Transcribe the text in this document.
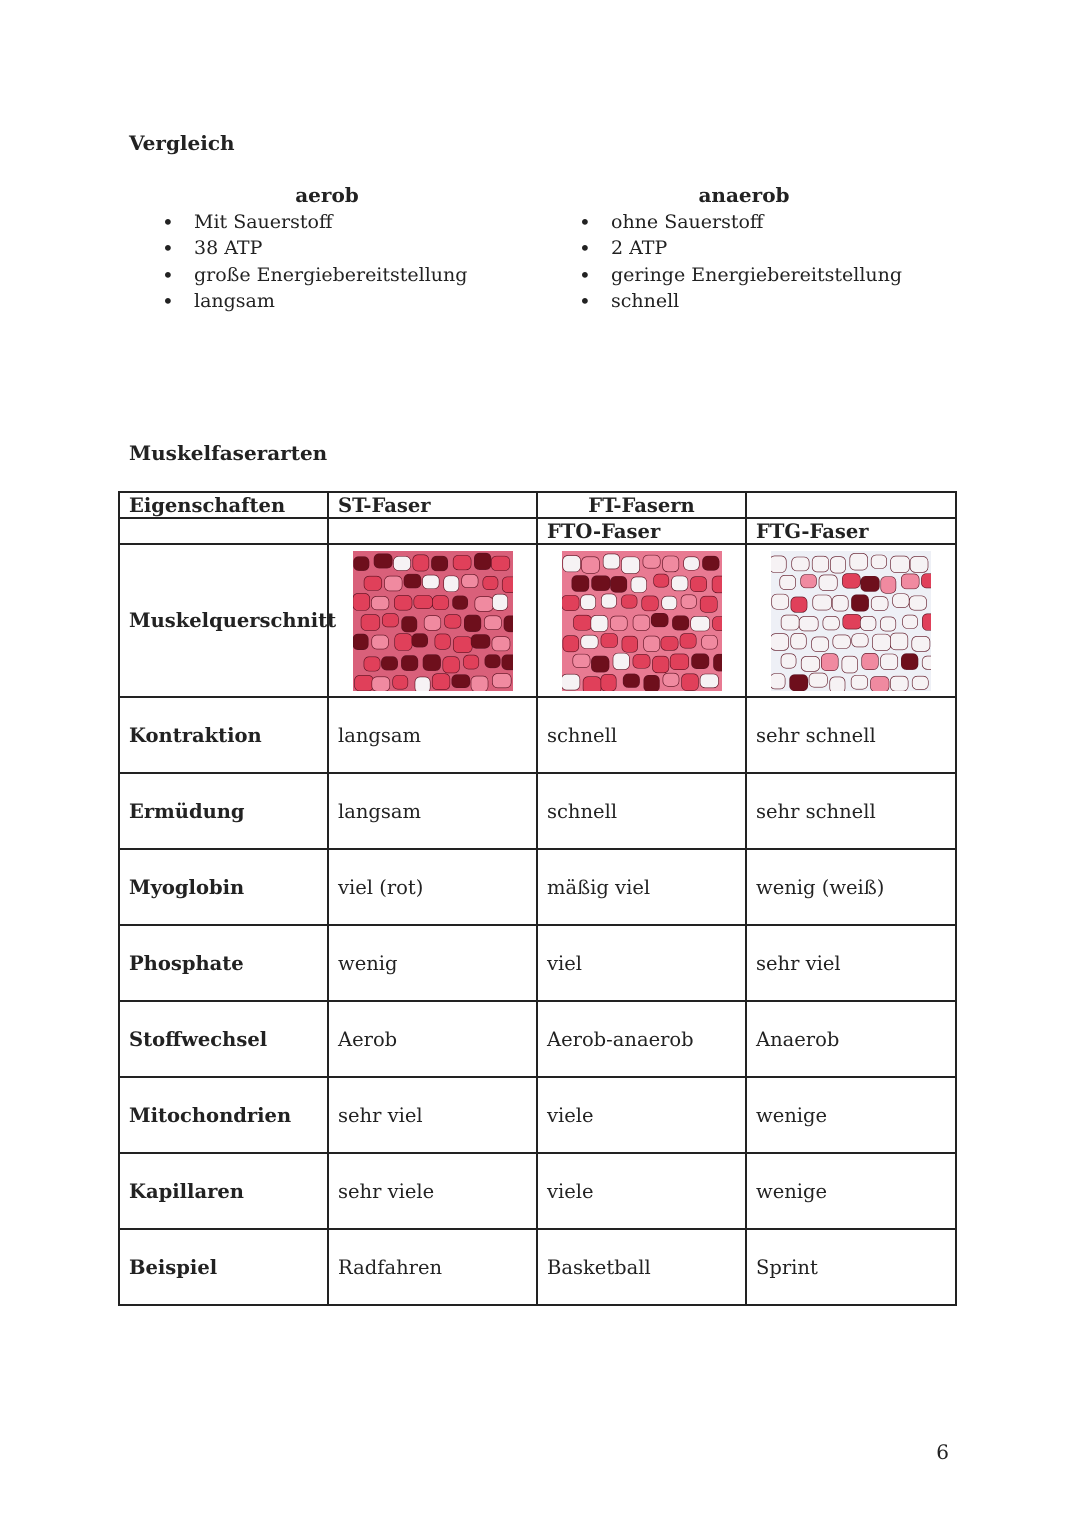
Vergleich
aerob
• Mit Sauerstoff
• 38 ATP
• große Energiebereitstellung
• langsam
anaerob
• ohne Sauerstoff
• 2 ATP
• geringe Energiebereitstellung
• schnell
Muskelfaserarten
Eigenschaften	ST-Faser	FT-Fasern	
		FTO-Faser	FTG-Faser
Muskelquerschnitt	

Kontraktion	langsam	schnell	sehr schnell
Ermüdung	langsam	schnell	sehr schnell
Myoglobin	viel (rot)	mäßig viel	wenig (weiß)
Phosphate	wenig	viel	sehr viel
Stoffwechsel	Aerob	Aerob-anaerob	Anaerob
Mitochondrien	sehr viel	viele	wenige
Kapillaren	sehr viele	viele	wenige
Beispiel	Radfahren	Basketball	Sprint
6
